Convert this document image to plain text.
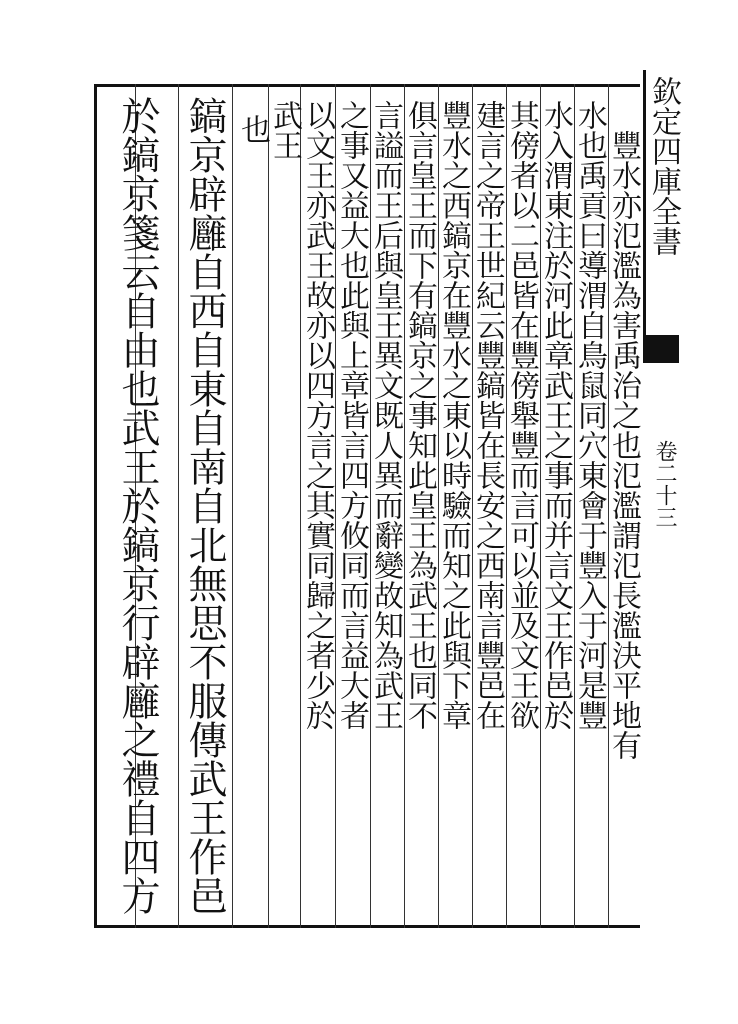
欽定四庫全書
卷二十三
豐水亦氾濫為害禹治之也氾濫謂氾長濫決平地有
水也禹貢曰導渭自鳥鼠同穴東會于豐入于河是豐
水入渭東注於河此章武王之事而并言文王作邑於
其傍者以二邑皆在豐傍舉豐而言可以並及文王欲
建言之帝王世紀云豐鎬皆在長安之西南言豐邑在
豐水之西鎬京在豐水之東以時驗而知之此與下章
俱言皇王而下有鎬京之事知此皇王為武王也同不
言謚而王后與皇王異文既人異而辭變故知為武王
之事又益大也此與上章皆言四方攸同而言益大者
以文王亦武王故亦以四方言之其實同歸之者少於
武王
也
鎬京辟廱自西自東自南自北無思不服傳武王作邑
於鎬京箋云自由也武王於鎬京行辟廱之禮自四方
